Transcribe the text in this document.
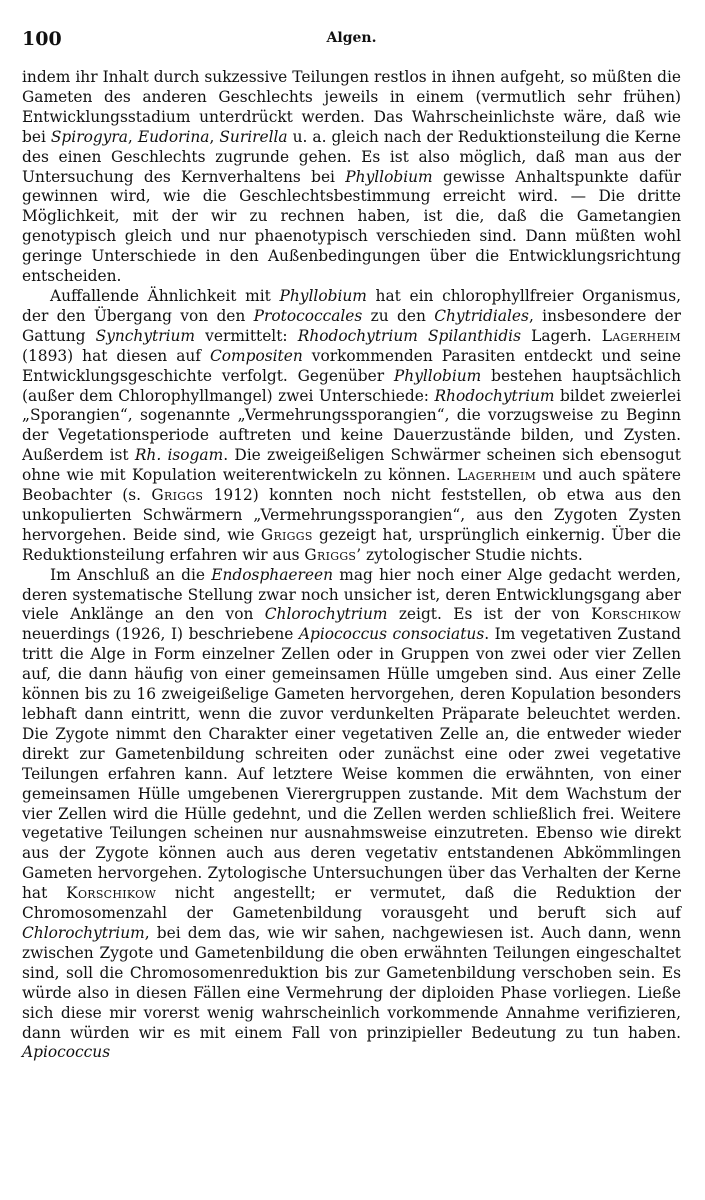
100	Algen.

indem ihr Inhalt durch sukzessive Teilungen restlos in ihnen aufgeht, so müßten die Gameten des anderen Geschlechts jeweils in einem (vermutlich sehr frühen) Entwicklungsstadium unterdrückt werden. Das Wahrscheinlichste wäre, daß wie bei Spirogyra, Eudorina, Surirella u. a. gleich nach der Reduktionsteilung die Kerne des einen Geschlechts zugrunde gehen. Es ist also möglich, daß man aus der Untersuchung des Kernverhaltens bei Phyllobium gewisse Anhaltspunkte dafür gewinnen wird, wie die Geschlechtsbestimmung erreicht wird. — Die dritte Möglichkeit, mit der wir zu rechnen haben, ist die, daß die Gametangien genotypisch gleich und nur phaenotypisch verschieden sind. Dann müßten wohl geringe Unterschiede in den Außenbedingungen über die Entwicklungsrichtung entscheiden.

Auffallende Ähnlichkeit mit Phyllobium hat ein chlorophyllfreier Organismus, der den Übergang von den Protococcales zu den Chytridiales, insbesondere der Gattung Synchytrium vermittelt: Rhodochytrium Spilanthidis Lagerh. Lagerheim (1893) hat diesen auf Compositen vorkommenden Parasiten entdeckt und seine Entwicklungsgeschichte verfolgt. Gegenüber Phyllobium bestehen hauptsächlich (außer dem Chlorophyllmangel) zwei Unterschiede: Rhodochytrium bildet zweierlei „Sporangien“, sogenannte „Vermehrungssporangien“, die vorzugsweise zu Beginn der Vegetationsperiode auftreten und keine Dauerzustände bilden, und Zysten. Außerdem ist Rh. isogam. Die zweigeißeligen Schwärmer scheinen sich ebensogut ohne wie mit Kopulation weiterentwickeln zu können. Lagerheim und auch spätere Beobachter (s. Griggs 1912) konnten noch nicht feststellen, ob etwa aus den unkopulierten Schwärmern „Vermehrungssporangien“, aus den Zygoten Zysten hervorgehen. Beide sind, wie Griggs gezeigt hat, ursprünglich einkernig. Über die Reduktionsteilung erfahren wir aus Griggs’ zytologischer Studie nichts.

Im Anschluß an die Endosphaereen mag hier noch einer Alge gedacht werden, deren systematische Stellung zwar noch unsicher ist, deren Entwicklungsgang aber viele Anklänge an den von Chlorochytrium zeigt. Es ist der von Korschikow neuerdings (1926, I) beschriebene Apiococcus consociatus. Im vegetativen Zustand tritt die Alge in Form einzelner Zellen oder in Gruppen von zwei oder vier Zellen auf, die dann häufig von einer gemeinsamen Hülle umgeben sind. Aus einer Zelle können bis zu 16 zweigeißelige Gameten hervorgehen, deren Kopulation besonders lebhaft dann eintritt, wenn die zuvor verdunkelten Präparate beleuchtet werden. Die Zygote nimmt den Charakter einer vegetativen Zelle an, die entweder wieder direkt zur Gametenbildung schreiten oder zunächst eine oder zwei vegetative Teilungen erfahren kann. Auf letztere Weise kommen die erwähnten, von einer gemeinsamen Hülle umgebenen Vierergruppen zustande. Mit dem Wachstum der vier Zellen wird die Hülle gedehnt, und die Zellen werden schließlich frei. Weitere vegetative Teilungen scheinen nur ausnahmsweise einzutreten. Ebenso wie direkt aus der Zygote können auch aus deren vegetativ entstandenen Abkömmlingen Gameten hervorgehen. Zytologische Untersuchungen über das Verhalten der Kerne hat Korschikow nicht angestellt; er vermutet, daß die Reduktion der Chromosomenzahl der Gametenbildung vorausgeht und beruft sich auf Chlorochytrium, bei dem das, wie wir sahen, nachgewiesen ist. Auch dann, wenn zwischen Zygote und Gametenbildung die oben erwähnten Teilungen eingeschaltet sind, soll die Chromosomenreduktion bis zur Gametenbildung verschoben sein. Es würde also in diesen Fällen eine Vermehrung der diploiden Phase vorliegen. Ließe sich diese mir vorerst wenig wahrscheinlich vorkommende Annahme verifizieren, dann würden wir es mit einem Fall von prinzipieller Bedeutung zu tun haben. Apiococcus
